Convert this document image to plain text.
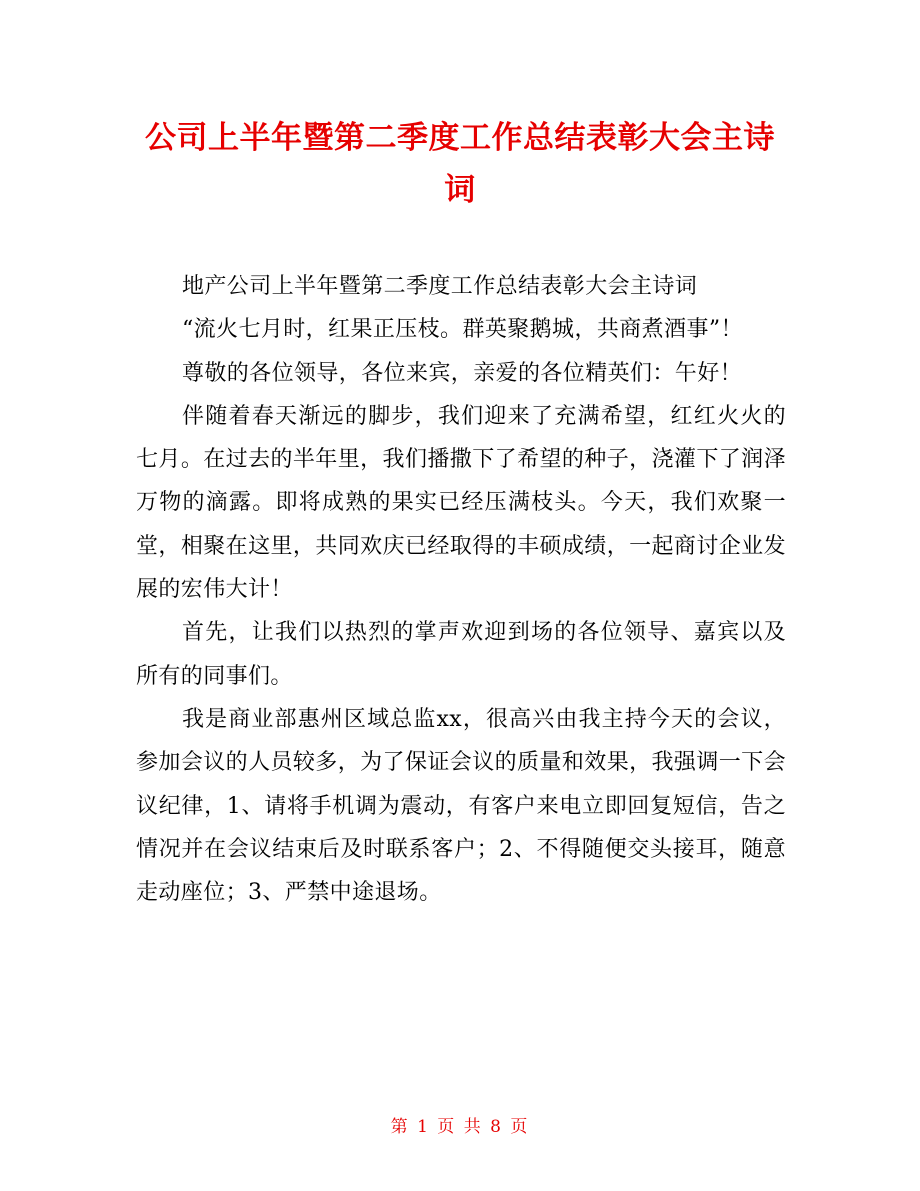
公司上半年暨第二季度工作总结表彰大会主诗词

地产公司上半年暨第二季度工作总结表彰大会主诗词

“流火七月时，红果正压枝。群英聚鹅城，共商煮酒事”！

尊敬的各位领导，各位来宾，亲爱的各位精英们：午好！

伴随着春天渐远的脚步，我们迎来了充满希望，红红火火的七月。在过去的半年里，我们播撒下了希望的种子，浇灌下了润泽万物的滴露。即将成熟的果实已经压满枝头。今天，我们欢聚一堂，相聚在这里，共同欢庆已经取得的丰硕成绩，一起商讨企业发展的宏伟大计！

首先，让我们以热烈的掌声欢迎到场的各位领导、嘉宾以及所有的同事们。

我是商业部惠州区域总监xx，很高兴由我主持今天的会议，参加会议的人员较多，为了保证会议的质量和效果，我强调一下会议纪律，1、请将手机调为震动，有客户来电立即回复短信，告之情况并在会议结束后及时联系客户；2、不得随便交头接耳，随意走动座位；3、严禁中途退场。

第 1 页 共 8 页
